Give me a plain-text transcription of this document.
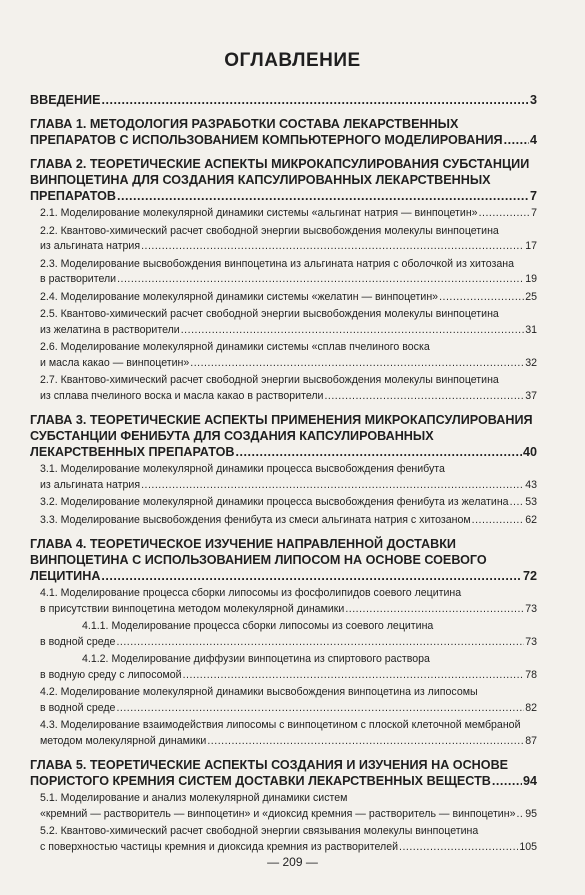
ОГЛАВЛЕНИЕ
ВВЕДЕНИЕ .....	3
ГЛАВА 1. МЕТОДОЛОГИЯ РАЗРАБОТКИ СОСТАВА ЛЕКАРСТВЕННЫХ
ПРЕПАРАТОВ С ИСПОЛЬЗОВАНИЕМ КОМПЬЮТЕРНОГО МОДЕЛИРОВАНИЯ ..... 4
ГЛАВА 2. ТЕОРЕТИЧЕСКИЕ АСПЕКТЫ МИКРОКАПСУЛИРОВАНИЯ СУБСТАНЦИИ
ВИНПОЦЕТИНА ДЛЯ СОЗДАНИЯ КАПСУЛИРОВАННЫХ ЛЕКАРСТВЕННЫХ
ПРЕПАРАТОВ .....	7
2.1. Моделирование молекулярной динамики системы «альгинат натрия — винпоцетин» .....	7
2.2. Квантово-химический расчет свободной энергии высвобождения молекулы винпоцетина
из альгината натрия .....	17
2.3. Моделирование высвобождения винпоцетина из альгината натрия с оболочкой из хитозана
в растворители .....	19
2.4. Моделирование молекулярной динамики системы «желатин — винпоцетин» .....	25
2.5. Квантово-химический расчет свободной энергии высвобождения молекулы винпоцетина
из желатина в растворители .....	31
2.6. Моделирование молекулярной динамики системы «сплав пчелиного воска
и масла какао — винпоцетин» .....	32
2.7. Квантово-химический расчет свободной энергии высвобождения молекулы винпоцетина
из сплава пчелиного воска и масла какао в растворители .....	37
ГЛАВА 3. ТЕОРЕТИЧЕСКИЕ АСПЕКТЫ ПРИМЕНЕНИЯ МИКРОКАПСУЛИРОВАНИЯ
СУБСТАНЦИИ ФЕНИБУТА ДЛЯ СОЗДАНИЯ КАПСУЛИРОВАННЫХ
ЛЕКАРСТВЕННЫХ ПРЕПАРАТОВ .....	40
3.1. Моделирование молекулярной динамики процесса высвобождения фенибута
из альгината натрия .....	43
3.2. Моделирование молекулярной динамики процесса высвобождения фенибута из желатина ..... 53
3.3. Моделирование высвобождения фенибута из смеси альгината натрия с хитозаном .....	62
ГЛАВА 4. ТЕОРЕТИЧЕСКОЕ ИЗУЧЕНИЕ НАПРАВЛЕННОЙ ДОСТАВКИ
ВИНПОЦЕТИНА С ИСПОЛЬЗОВАНИЕМ ЛИПОСОМ НА ОСНОВЕ СОЕВОГО
ЛЕЦИТИНА .....	72
4.1. Моделирование процесса сборки липосомы из фосфолипидов соевого лецитина
в присутствии винпоцетина методом молекулярной динамики .....	73
4.1.1. Моделирование процесса сборки липосомы из соевого лецитина
в водной среде .....	73
4.1.2. Моделирование диффузии винпоцетина из спиртового раствора
в водную среду с липосомой .....	78
4.2. Моделирование молекулярной динамики высвобождения винпоцетина из липосомы
в водной среде .....	82
4.3. Моделирование взаимодействия липосомы с винпоцетином с плоской клеточной мембраной
методом молекулярной динамики .....	87
ГЛАВА 5. ТЕОРЕТИЧЕСКИЕ АСПЕКТЫ СОЗДАНИЯ И ИЗУЧЕНИЯ НА ОСНОВЕ
ПОРИСТОГО КРЕМНИЯ СИСТЕМ ДОСТАВКИ ЛЕКАРСТВЕННЫХ ВЕЩЕСТВ .....	94
5.1. Моделирование и анализ молекулярной динамики систем
«кремний — растворитель — винпоцетин» и «диоксид кремния — растворитель — винпоцетин» ..... 95
5.2. Квантово-химический расчет свободной энергии связывания молекулы винпоцетина
с поверхностью частицы кремния и диоксида кремния из растворителей .....	105
— 209 —
